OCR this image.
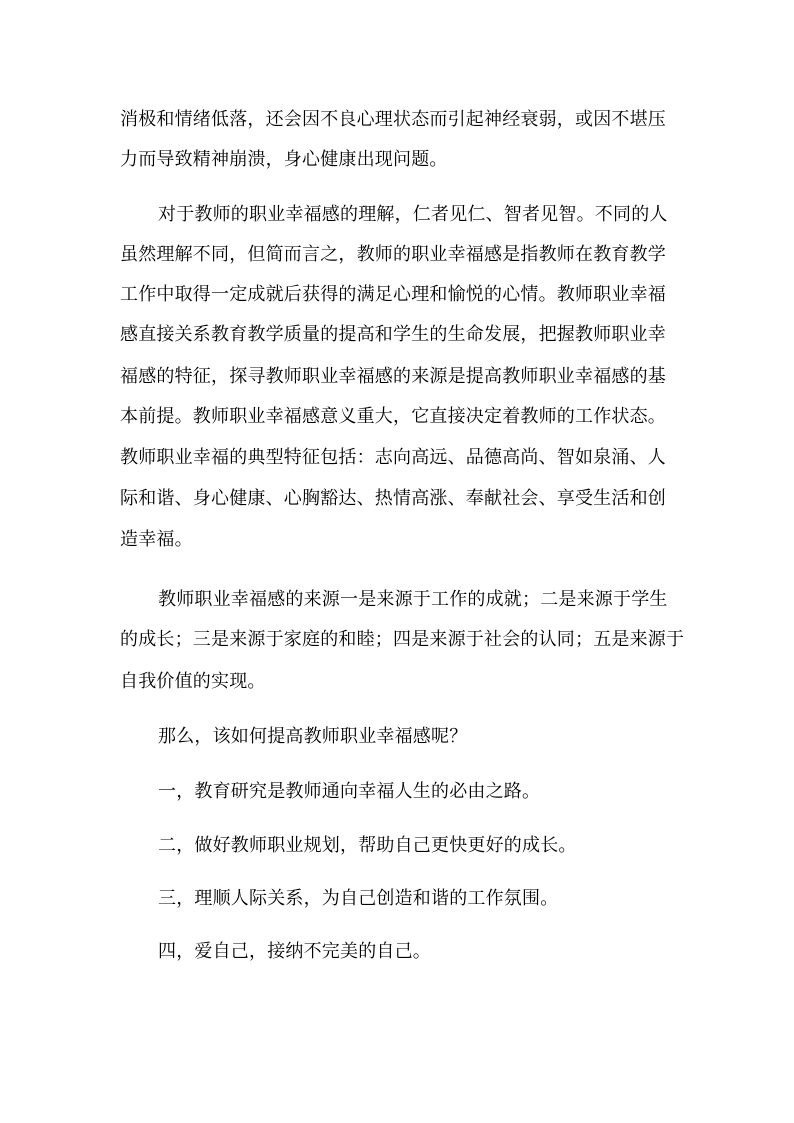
消极和情绪低落，还会因不良心理状态而引起神经衰弱，或因不堪压
力而导致精神崩溃，身心健康出现问题。
对于教师的职业幸福感的理解，仁者见仁、智者见智。不同的人
虽然理解不同，但简而言之，教师的职业幸福感是指教师在教育教学
工作中取得一定成就后获得的满足心理和愉悦的心情。教师职业幸福
感直接关系教育教学质量的提高和学生的生命发展，把握教师职业幸
福感的特征，探寻教师职业幸福感的来源是提高教师职业幸福感的基
本前提。教师职业幸福感意义重大，它直接决定着教师的工作状态。
教师职业幸福的典型特征包括：志向高远、品德高尚、智如泉涌、人
际和谐、身心健康、心胸豁达、热情高涨、奉献社会、享受生活和创
造幸福。
教师职业幸福感的来源一是来源于工作的成就；二是来源于学生
的成长；三是来源于家庭的和睦；四是来源于社会的认同；五是来源于
自我价值的实现。
那么，该如何提高教师职业幸福感呢？
一，教育研究是教师通向幸福人生的必由之路。
二，做好教师职业规划，帮助自己更快更好的成长。
三，理顺人际关系，为自己创造和谐的工作氛围。
四，爱自己，接纳不完美的自己。
